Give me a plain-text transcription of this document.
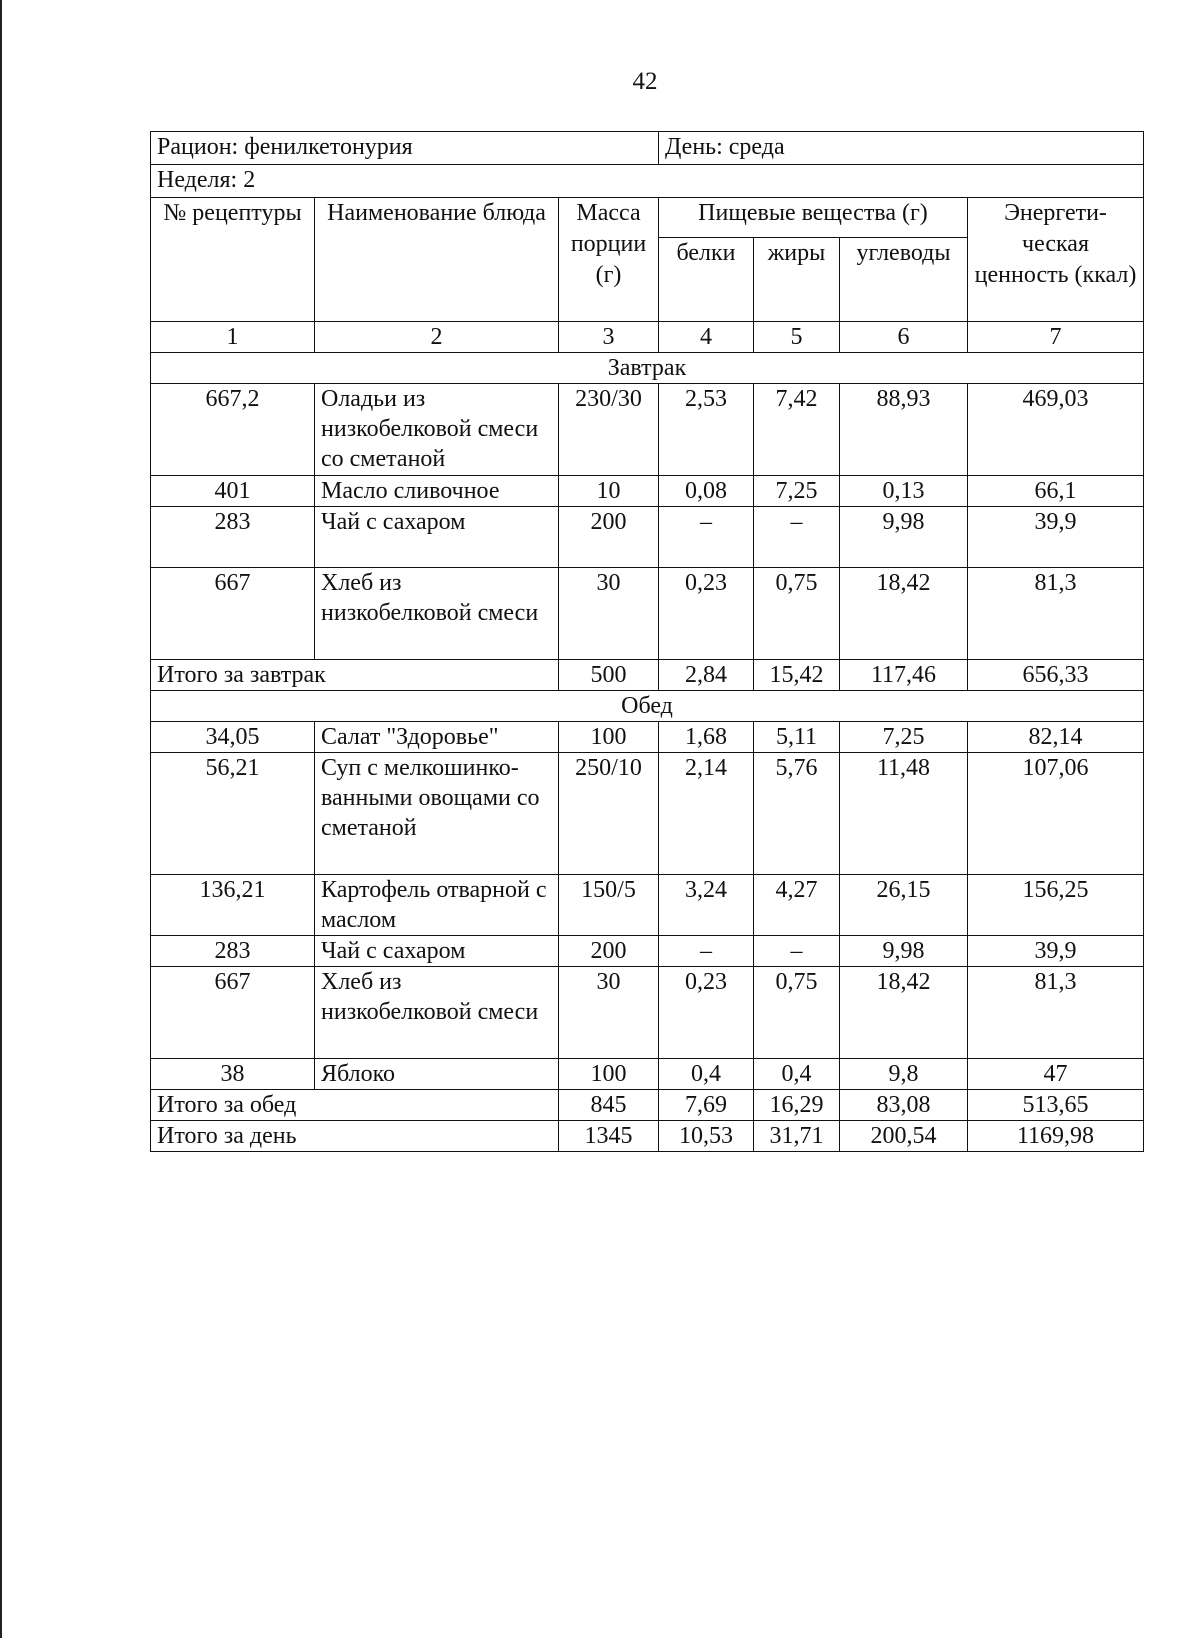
42
Рацион: фенилкетонурия			День: среда			
Неделя: 2						
№ рецептуры	Наименование блюда	Масса порции (г)	Пищевые вещества (г)			Энергети-ческая ценность (ккал)
			белки	жиры	углеводы	
1	2	3	4	5	6	7
Завтрак						
667,2	Оладьи из низкобелковой смеси со сметаной	230/30	2,53	7,42	88,93	469,03
401	Масло сливочное	10	0,08	7,25	0,13	66,1
283	Чай с сахаром	200	–	–	9,98	39,9
667	Хлеб из низкобелковой смеси	30	0,23	0,75	18,42	81,3
Итого за завтрак		500	2,84	15,42	117,46	656,33
Обед						
34,05	Салат "Здоровье"	100	1,68	5,11	7,25	82,14
56,21	Суп с мелкошинко-ванными овощами со сметаной	250/10	2,14	5,76	11,48	107,06
136,21	Картофель отварной с маслом	150/5	3,24	4,27	26,15	156,25
283	Чай с сахаром	200	–	–	9,98	39,9
667	Хлеб из низкобелковой смеси	30	0,23	0,75	18,42	81,3
38	Яблоко	100	0,4	0,4	9,8	47
Итого за обед		845	7,69	16,29	83,08	513,65
Итого за день		1345	10,53	31,71	200,54	1169,98
